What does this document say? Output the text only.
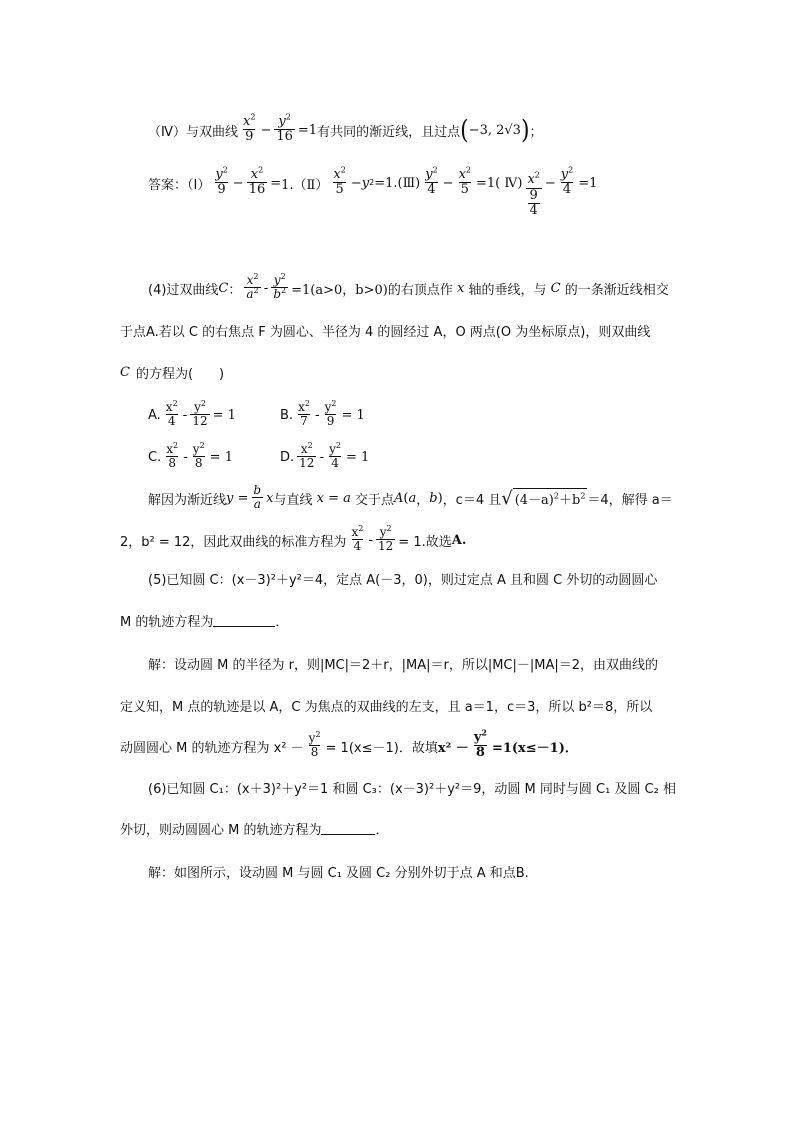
（Ⅳ）与双曲线 $\frac{x^2}{9} - \frac{y^2}{16} =1$ 有共同的渐近线，且过点 ( −3, 2√3 ) ；
答案：（Ⅰ） $\frac{y^2}{9} - \frac{x^2}{16}$ = 1.（Ⅱ） $\frac{x^2}{5} - y$ 2 = 1.(Ⅲ) $\frac{y^2}{4} - \frac{x^2}{5} = 1$( Ⅳ) $\frac{x^2}{\frac{9}{4}} - \frac{y^2}{4} = 1$
(4)过双曲线 C ： $\frac{x^2}{a^2} - \frac{y^2}{b^2} =1(a>0$，b>0)的右顶点作 x 轴的垂线，与 C 的一条渐近线相交
于点A.若以 C 的右焦点 F 为圆心、半径为 4 的圆经过 A，O 两点(O 为坐标原点)，则双曲线
C 的方程为(　　)
A. $\frac{x^2}{4} - \frac{y^2}{12} = 1$	B. $\frac{x^2}{7} - \frac{y^2}{9} = 1$
C. $\frac{x^2}{8} - \frac{y^2}{8} = 1$	D. $\frac{x^2}{12} - \frac{y^2}{4} = 1$
解 因为渐近线 $y = \frac{b}{a}$ x 与直线 x = a 交于点 A ( a ， b ) ，c＝4 且 √ $(4-a)^2+b^2 =4$，解得 a＝
2，b² = 12，因此双曲线的标准方程为 $\frac{x^2}{4} - \frac{y^2}{12} = 1$.故选 A.
(5)已知圆 C：(x－3)²＋y²＝4，定点 A(－3，0)，则过定点 A 且和圆 C 外切的动圆圆心
M 的轨迹方程为	．
解：设动圆 M 的半径为 r，则|MC|＝2＋r，|MA|＝r，所以|MC|－|MA|＝2，由双曲线的
定义知，M 点的轨迹是以 A，C 为焦点的双曲线的左支，且 a＝1，c＝3，所以 b²＝8，所以
动圆圆心 M 的轨迹方程为 $x^2 - \frac{y^2}{8} = 1(x\le-1)$．故填 $x^2 - \frac{y^2}{8} =1(x\le-1)$．
(6)已知圆 C₁：(x＋3)²＋y²＝1 和圆 C₃：(x－3)²＋y²＝9，动圆 M 同时与圆 C₁ 及圆 C₂ 相
外切，则动圆圆心 M 的轨迹方程为	．
解：如图所示，设动圆 M 与圆 C₁ 及圆 C₂ 分别外切于点 A 和点B.
